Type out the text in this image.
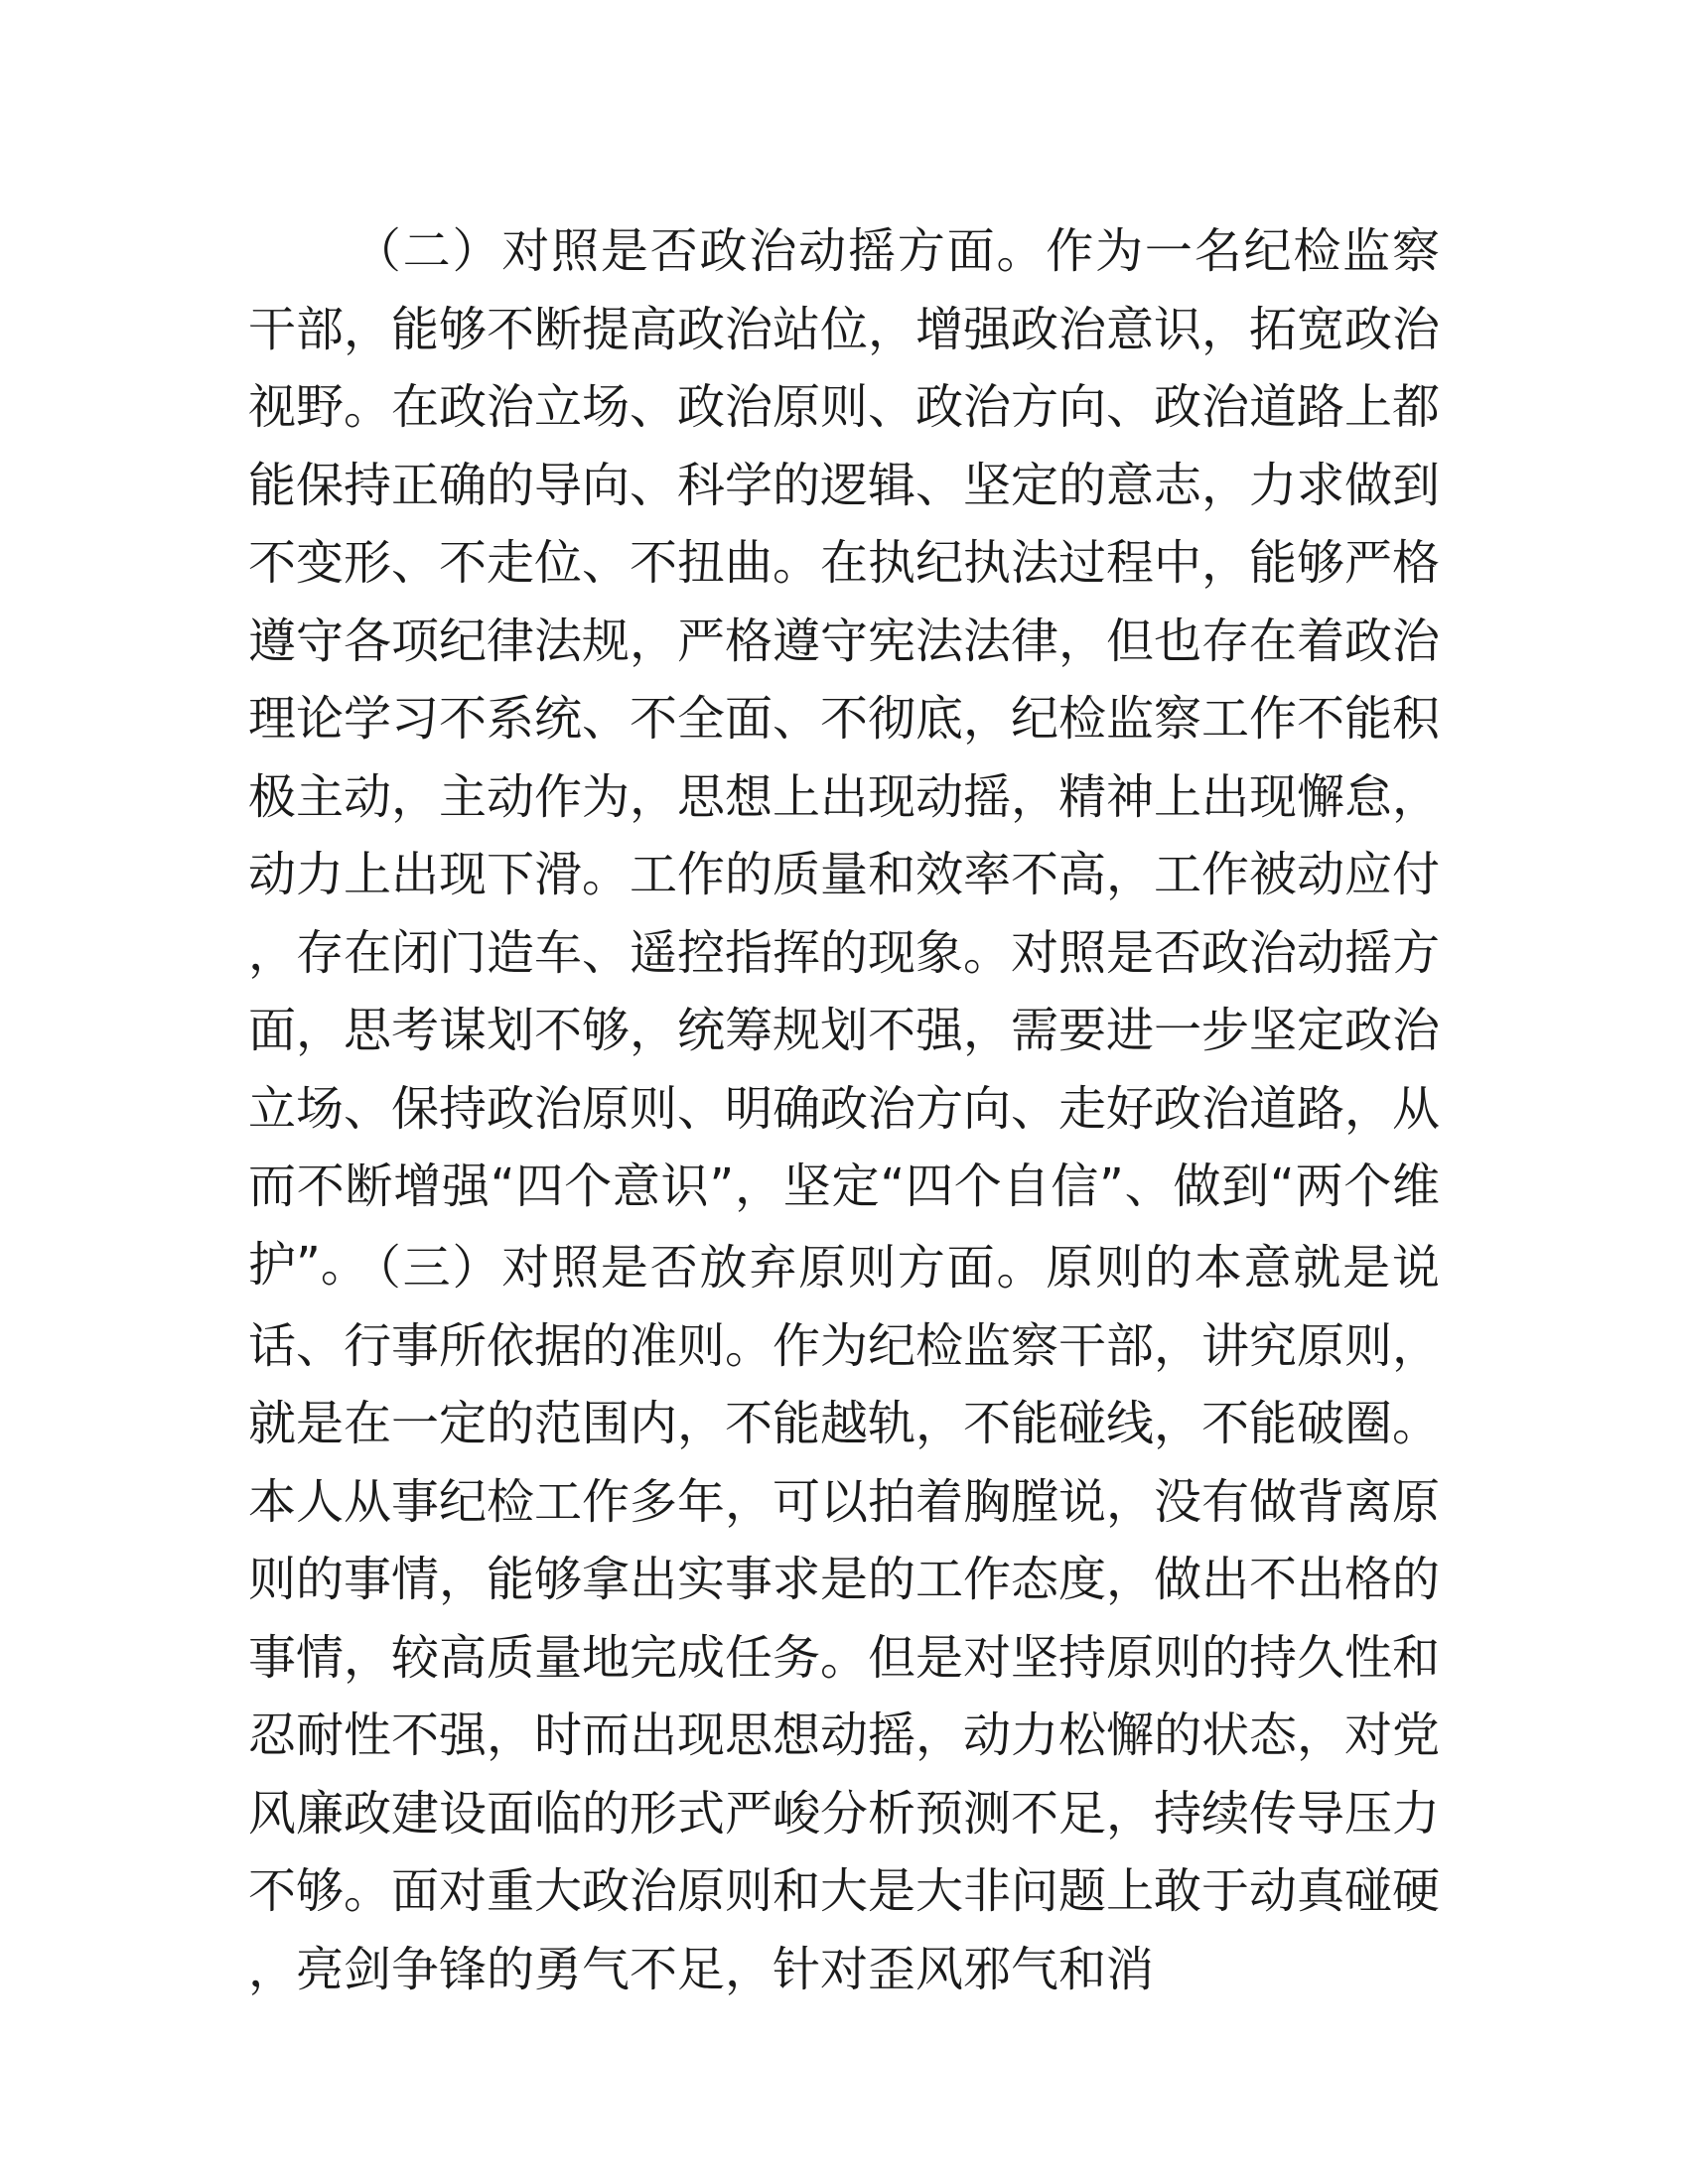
（二）对照是否政治动摇方面。作为一名纪检监察干部，能够不断提高政治站位，增强政治意识，拓宽政治视野。在政治立场、政治原则、政治方向、政治道路上都能保持正确的导向、科学的逻辑、坚定的意志，力求做到不变形、不走位、不扭曲。在执纪执法过程中，能够严格遵守各项纪律法规，严格遵守宪法法律，但也存在着政治理论学习不系统、不全面、不彻底，纪检监察工作不能积极主动，主动作为，思想上出现动摇，精神上出现懈怠，动力上出现下滑。工作的质量和效率不高，工作被动应付，存在闭门造车、遥控指挥的现象。对照是否政治动摇方面，思考谋划不够，统筹规划不强，需要进一步坚定政治立场、保持政治原则、明确政治方向、走好政治道路，从而不断增强“四个意识”，坚定“四个自信”、做到“两个维护”。
（三）对照是否放弃原则方面。原则的本意就是说话、行事所依据的准则。作为纪检监察干部，讲究原则，就是在一定的范围内，不能越轨，不能碰线，不能破圈。本人从事纪检工作多年，可以拍着胸膛说，没有做背离原则的事情，能够拿出实事求是的工作态度，做出不出格的事情，较高质量地完成任务。但是对坚持原则的持久性和忍耐性不强，时而出现思想动摇，动力松懈的状态，对党风廉政建设面临的形式严峻分析预测不足，持续传导压力不够。面对重大政治原则和大是大非问题上敢于动真碰硬，亮剑争锋的勇气不足，针对歪风邪气和消
